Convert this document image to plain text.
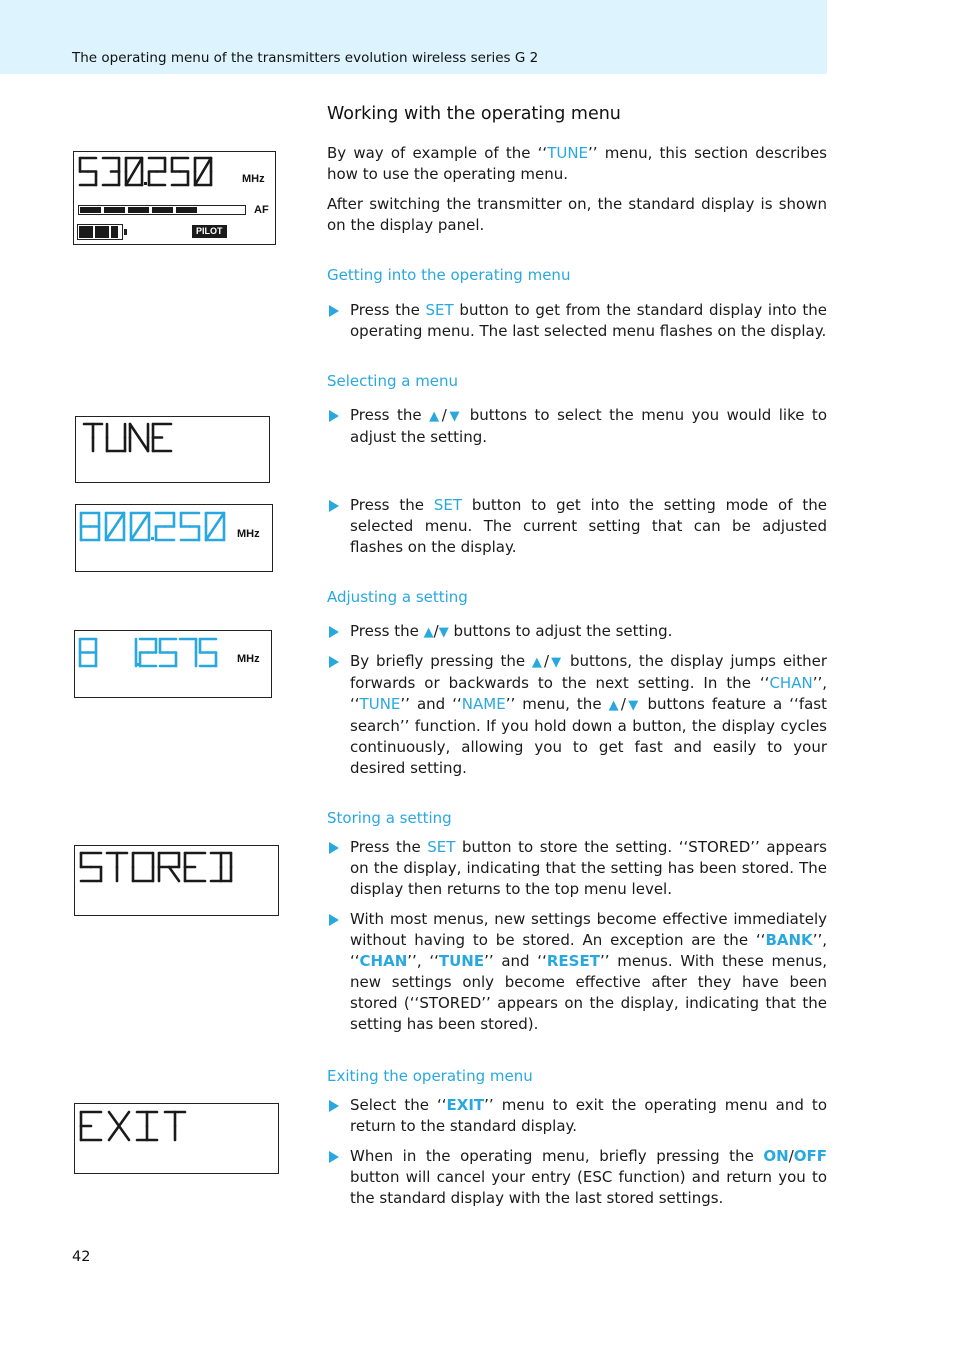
The operating menu of the transmitters evolution wireless series G 2
Working with the operating menu

By way of example of the ‘‘TUNE’’ menu, this section describes how to use the operating menu.

After switching the transmitter on, the standard display is shown on the display panel.

Getting into the operating menu
Press the SET button to get from the standard display into the operating menu. The last selected menu flashes on the display.
Selecting a menu
Press the ▲/▼ buttons to select the menu you would like to adjust the setting.
Press the SET button to get into the setting mode of the selected menu. The current setting that can be adjusted flashes on the display.
Adjusting a setting
Press the ▲/▼ buttons to adjust the setting.
By briefly pressing the ▲/▼ buttons, the display jumps either forwards or backwards to the next setting. In the ‘‘CHAN’’, ‘‘TUNE’’ and ‘‘NAME’’ menu, the ▲/▼ buttons feature a ‘‘fast search’’ function. If you hold down a button, the display cycles continuously, allowing you to get fast and easily to your desired setting.
Storing a setting
Press the SET button to store the setting. ‘‘STORED’’ appears on the display, indicating that the setting has been stored. The display then returns to the top menu level.
With most menus, new settings become effective immediately without having to be stored. An exception are the ‘‘BANK’’, ‘‘CHAN’’, ‘‘TUNE’’ and ‘‘RESET’’ menus. With these menus, new settings only become effective after they have been stored (‘‘STORED’’ appears on the display, indicating that the setting has been stored).
Exiting the operating menu
Select the ‘‘EXIT’’ menu to exit the operating menu and to return to the standard display.
When in the operating menu, briefly pressing the ON/OFF button will cancel your entry (ESC function) and return you to the standard display with the last stored settings.
MHz
AF
PILOT
MHz
MHz
42
